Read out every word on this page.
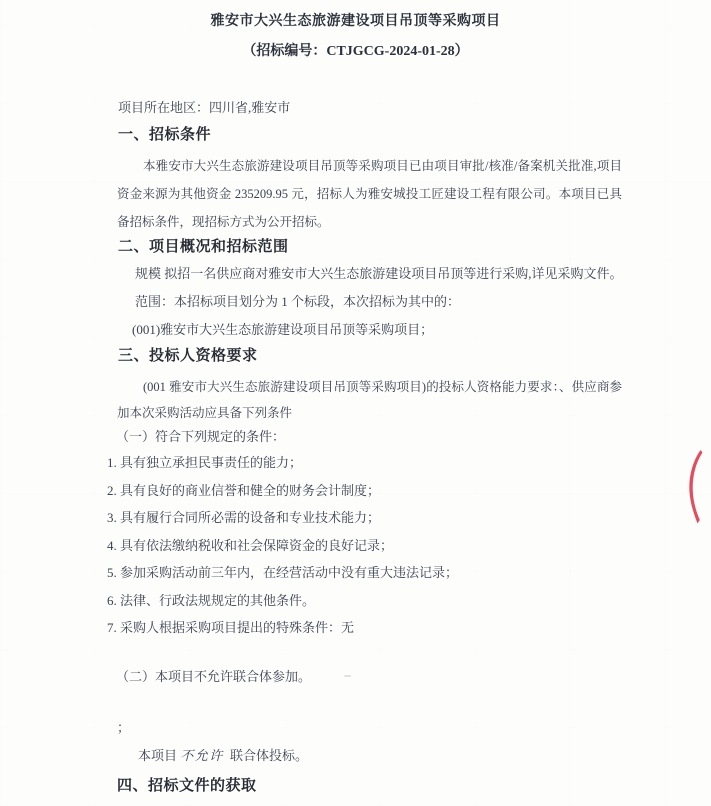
雅安市大兴生态旅游建设项目吊顶等采购项目
（招标编号：CTJGCG-2024-01-28）
项目所在地区：四川省,雅安市
一、招标条件

本雅安市大兴生态旅游建设项目吊顶等采购项目已由项目审批/核准/备案机关批准,项目资金来源为其他资金 235209.95 元，招标人为雅安城投工匠建设工程有限公司。本项目已具备招标条件，现招标方式为公开招标。

二、项目概况和招标范围
规模 拟招一名供应商对雅安市大兴生态旅游建设项目吊顶等进行采购,详见采购文件。
范围：本招标项目划分为 1 个标段，本次招标为其中的：
(001)雅安市大兴生态旅游建设项目吊顶等采购项目；
三、投标人资格要求

(001 雅安市大兴生态旅游建设项目吊顶等采购项目)的投标人资格能力要求：、供应商参加本次采购活动应具备下列条件

（一）符合下列规定的条件：
1. 具有独立承担民事责任的能力；
2. 具有良好的商业信誉和健全的财务会计制度；
3. 具有履行合同所必需的设备和专业技术能力；
4. 具有依法缴纳税收和社会保障资金的良好记录；
5. 参加采购活动前三年内，在经营活动中没有重大违法记录；
6. 法律、行政法规规定的其他条件。
7. 采购人根据采购项目提出的特殊条件：无
（二）本项目不允许联合体参加。
；
本项目 不允许 联合体投标。
四、招标文件的获取
